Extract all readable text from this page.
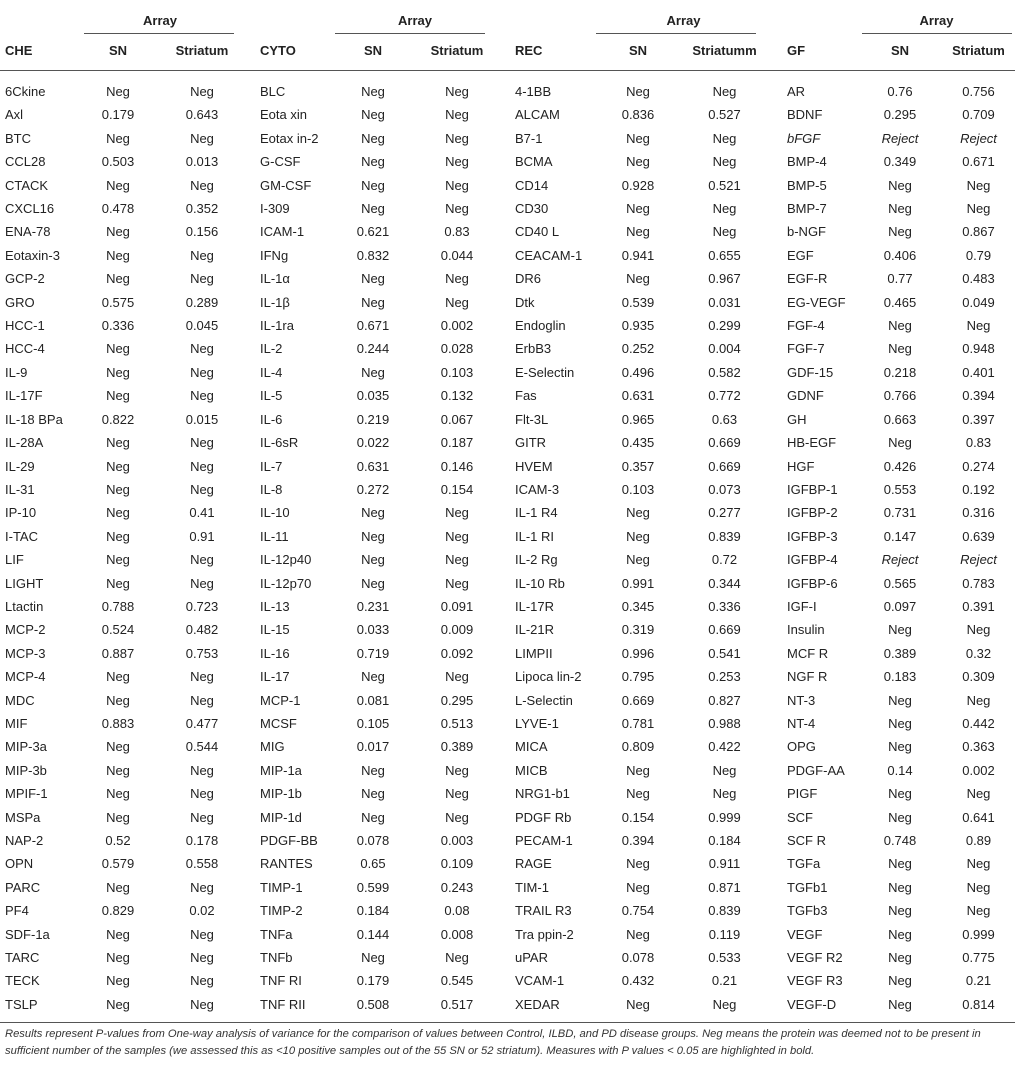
	Array				Array				Array				Array	
CHE	SN	Striatum		CYTO	SN	Striatum		REC	SN	Striatumm		GF	SN	Striatum
6Ckine	Neg	Neg		BLC	Neg	Neg		4-1BB	Neg	Neg		AR	0.76	0.756
Axl	0.179	0.643		Eota xin	Neg	Neg		ALCAM	0.836	0.527		BDNF	0.295	0.709
BTC	Neg	Neg		Eotax in-2	Neg	Neg		B7-1	Neg	Neg		bFGF	Reject	Reject
CCL28	0.503	0.013		G-CSF	Neg	Neg		BCMA	Neg	Neg		BMP-4	0.349	0.671
CTACK	Neg	Neg		GM-CSF	Neg	Neg		CD14	0.928	0.521		BMP-5	Neg	Neg
CXCL16	0.478	0.352		I-309	Neg	Neg		CD30	Neg	Neg		BMP-7	Neg	Neg
ENA-78	Neg	0.156		ICAM-1	0.621	0.83		CD40 L	Neg	Neg		b-NGF	Neg	0.867
Eotaxin-3	Neg	Neg		IFNg	0.832	0.044		CEACAM-1	0.941	0.655		EGF	0.406	0.79
GCP-2	Neg	Neg		IL-1α	Neg	Neg		DR6	Neg	0.967		EGF-R	0.77	0.483
GRO	0.575	0.289		IL-1β	Neg	Neg		Dtk	0.539	0.031		EG-VEGF	0.465	0.049
HCC-1	0.336	0.045		IL-1ra	0.671	0.002		Endoglin	0.935	0.299		FGF-4	Neg	Neg
HCC-4	Neg	Neg		IL-2	0.244	0.028		ErbB3	0.252	0.004		FGF-7	Neg	0.948
IL-9	Neg	Neg		IL-4	Neg	0.103		E-Selectin	0.496	0.582		GDF-15	0.218	0.401
IL-17F	Neg	Neg		IL-5	0.035	0.132		Fas	0.631	0.772		GDNF	0.766	0.394
IL-18 BPa	0.822	0.015		IL-6	0.219	0.067		Flt-3L	0.965	0.63		GH	0.663	0.397
IL-28A	Neg	Neg		IL-6sR	0.022	0.187		GITR	0.435	0.669		HB-EGF	Neg	0.83
IL-29	Neg	Neg		IL-7	0.631	0.146		HVEM	0.357	0.669		HGF	0.426	0.274
IL-31	Neg	Neg		IL-8	0.272	0.154		ICAM-3	0.103	0.073		IGFBP-1	0.553	0.192
IP-10	Neg	0.41		IL-10	Neg	Neg		IL-1 R4	Neg	0.277		IGFBP-2	0.731	0.316
I-TAC	Neg	0.91		IL-11	Neg	Neg		IL-1 RI	Neg	0.839		IGFBP-3	0.147	0.639
LIF	Neg	Neg		IL-12p40	Neg	Neg		IL-2 Rg	Neg	0.72		IGFBP-4	Reject	Reject
LIGHT	Neg	Neg		IL-12p70	Neg	Neg		IL-10 Rb	0.991	0.344		IGFBP-6	0.565	0.783
Ltactin	0.788	0.723		IL-13	0.231	0.091		IL-17R	0.345	0.336		IGF-I	0.097	0.391
MCP-2	0.524	0.482		IL-15	0.033	0.009		IL-21R	0.319	0.669		Insulin	Neg	Neg
MCP-3	0.887	0.753		IL-16	0.719	0.092		LIMPII	0.996	0.541		MCF R	0.389	0.32
MCP-4	Neg	Neg		IL-17	Neg	Neg		Lipoca lin-2	0.795	0.253		NGF R	0.183	0.309
MDC	Neg	Neg		MCP-1	0.081	0.295		L-Selectin	0.669	0.827		NT-3	Neg	Neg
MIF	0.883	0.477		MCSF	0.105	0.513		LYVE-1	0.781	0.988		NT-4	Neg	0.442
MIP-3a	Neg	0.544		MIG	0.017	0.389		MICA	0.809	0.422		OPG	Neg	0.363
MIP-3b	Neg	Neg		MIP-1a	Neg	Neg		MICB	Neg	Neg		PDGF-AA	0.14	0.002
MPIF-1	Neg	Neg		MIP-1b	Neg	Neg		NRG1-b1	Neg	Neg		PIGF	Neg	Neg
MSPa	Neg	Neg		MIP-1d	Neg	Neg		PDGF Rb	0.154	0.999		SCF	Neg	0.641
NAP-2	0.52	0.178		PDGF-BB	0.078	0.003		PECAM-1	0.394	0.184		SCF R	0.748	0.89
OPN	0.579	0.558		RANTES	0.65	0.109		RAGE	Neg	0.911		TGFa	Neg	Neg
PARC	Neg	Neg		TIMP-1	0.599	0.243		TIM-1	Neg	0.871		TGFb1	Neg	Neg
PF4	0.829	0.02		TIMP-2	0.184	0.08		TRAIL R3	0.754	0.839		TGFb3	Neg	Neg
SDF-1a	Neg	Neg		TNFa	0.144	0.008		Tra ppin-2	Neg	0.119		VEGF	Neg	0.999
TARC	Neg	Neg		TNFb	Neg	Neg		uPAR	0.078	0.533		VEGF R2	Neg	0.775
TECK	Neg	Neg		TNF RI	0.179	0.545		VCAM-1	0.432	0.21		VEGF R3	Neg	0.21
TSLP	Neg	Neg		TNF RII	0.508	0.517		XEDAR	Neg	Neg		VEGF-D	Neg	0.814
Results represent P-values from One-way analysis of variance for the comparison of values between Control, ILBD, and PD disease groups. Neg means the protein was deemed not to be present in sufficient number of the samples (we assessed this as <10 positive samples out of the 55 SN or 52 striatum). Measures with P values < 0.05 are highlighted in bold.
